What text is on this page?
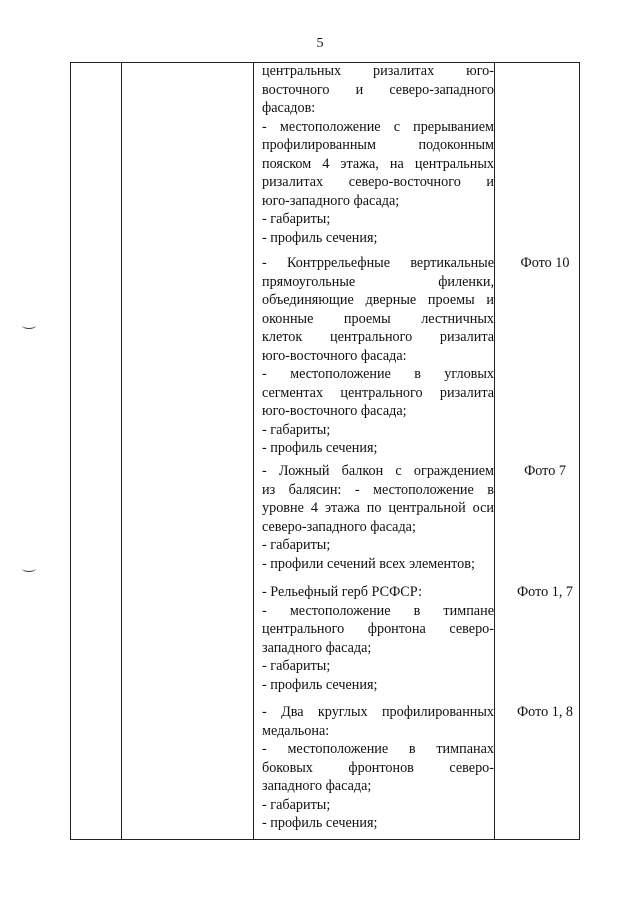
5
центральных ризалитах юго-
восточного и северо-западного
фасадов:
- местоположение с прерыванием
профилированным подоконным
пояском 4 этажа, на центральных
ризалитах северо-восточного и
юго-западного фасада;
- габариты;
- профиль сечения;
- Контррельефные вертикальные
прямоугольные филенки,
объединяющие дверные проемы и
оконные проемы лестничных
клеток центрального ризалита
юго-восточного фасада:
- местоположение в угловых
сегментах центрального ризалита
юго-восточного фасада;
- габариты;
- профиль сечения;
Фото 10
- Ложный балкон с ограждением
из балясин: - местоположение в
уровне 4 этажа по центральной оси
северо-западного фасада;
- габариты;
- профили сечений всех элементов;
Фото 7
- Рельефный герб РСФСР:
- местоположение в тимпане
центрального фронтона северо-
западного фасада;
- габариты;
- профиль сечения;
Фото 1, 7
- Два круглых профилированных
медальона:
- местоположение в тимпанах
боковых фронтонов северо-
западного фасада;
- габариты;
- профиль сечения;
Фото 1, 8
